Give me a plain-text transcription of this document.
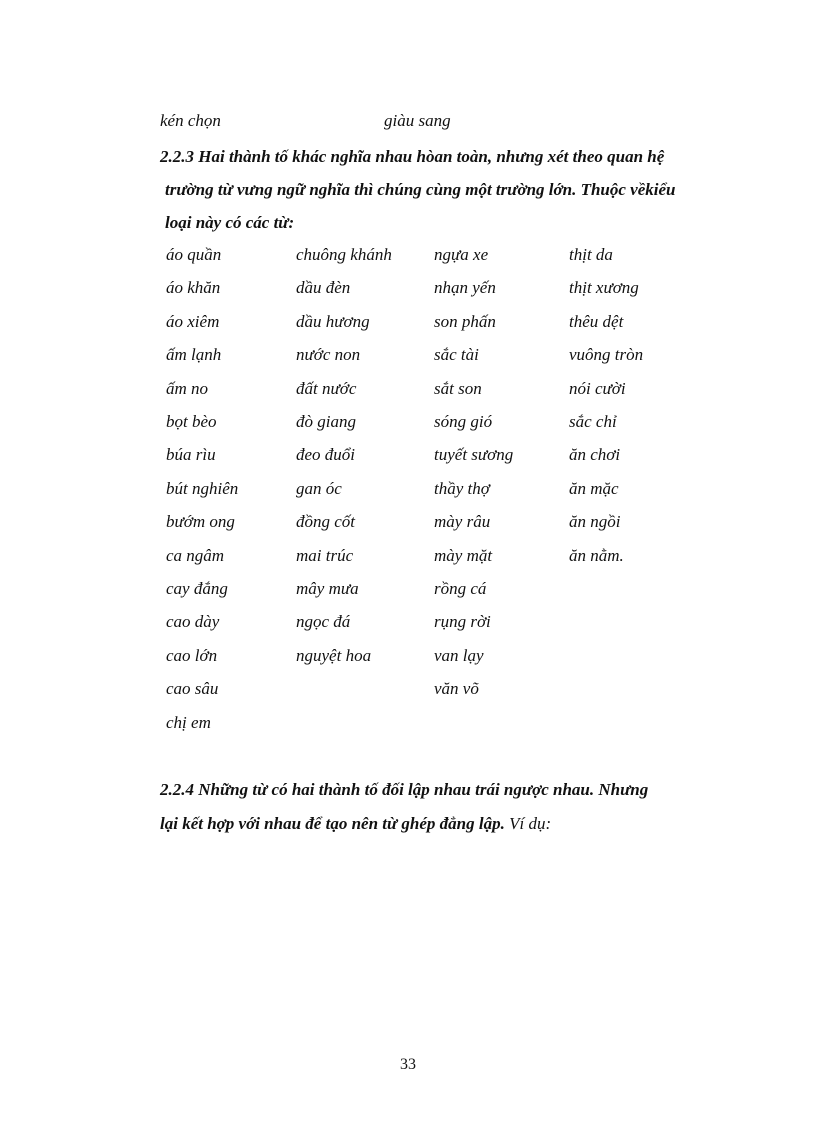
kén chọn	giàu sang
2.2.3 Hai thành tố khác nghĩa nhau hòan toàn, nhưng xét theo quan hệ
trường từ vưng ngữ nghĩa thì chúng cùng một trường lớn. Thuộc vềkiểu
loại này có các từ:
áo quần
áo khăn
áo xiêm
ấm lạnh
ấm no
bọt bèo
búa rìu
bút nghiên
bướm ong
ca ngâm
cay đắng
cao dày
cao lớn
cao sâu
chị em
chuông khánh
dầu đèn
dầu hương
nước non
đất nước
đò giang
đeo đuổi
gan óc
đồng cốt
mai trúc
mây mưa
ngọc đá
nguyệt hoa
ngựa xe
nhạn yến
son phấn
sắc tài
sắt son
sóng gió
tuyết sương
thầy thợ
mày râu
mày mặt
rồng cá
rụng rời
van lạy
văn võ
thịt da
thịt xương
thêu dệt
vuông tròn
nói cười
sắc chỉ
ăn chơi
ăn mặc
ăn ngồi
ăn nằm.
2.2.4 Những từ có hai thành tố đối lập nhau trái ngược nhau. Nhưng
lại kết hợp với nhau để tạo nên từ ghép đẳng lập. Ví dụ:
33
